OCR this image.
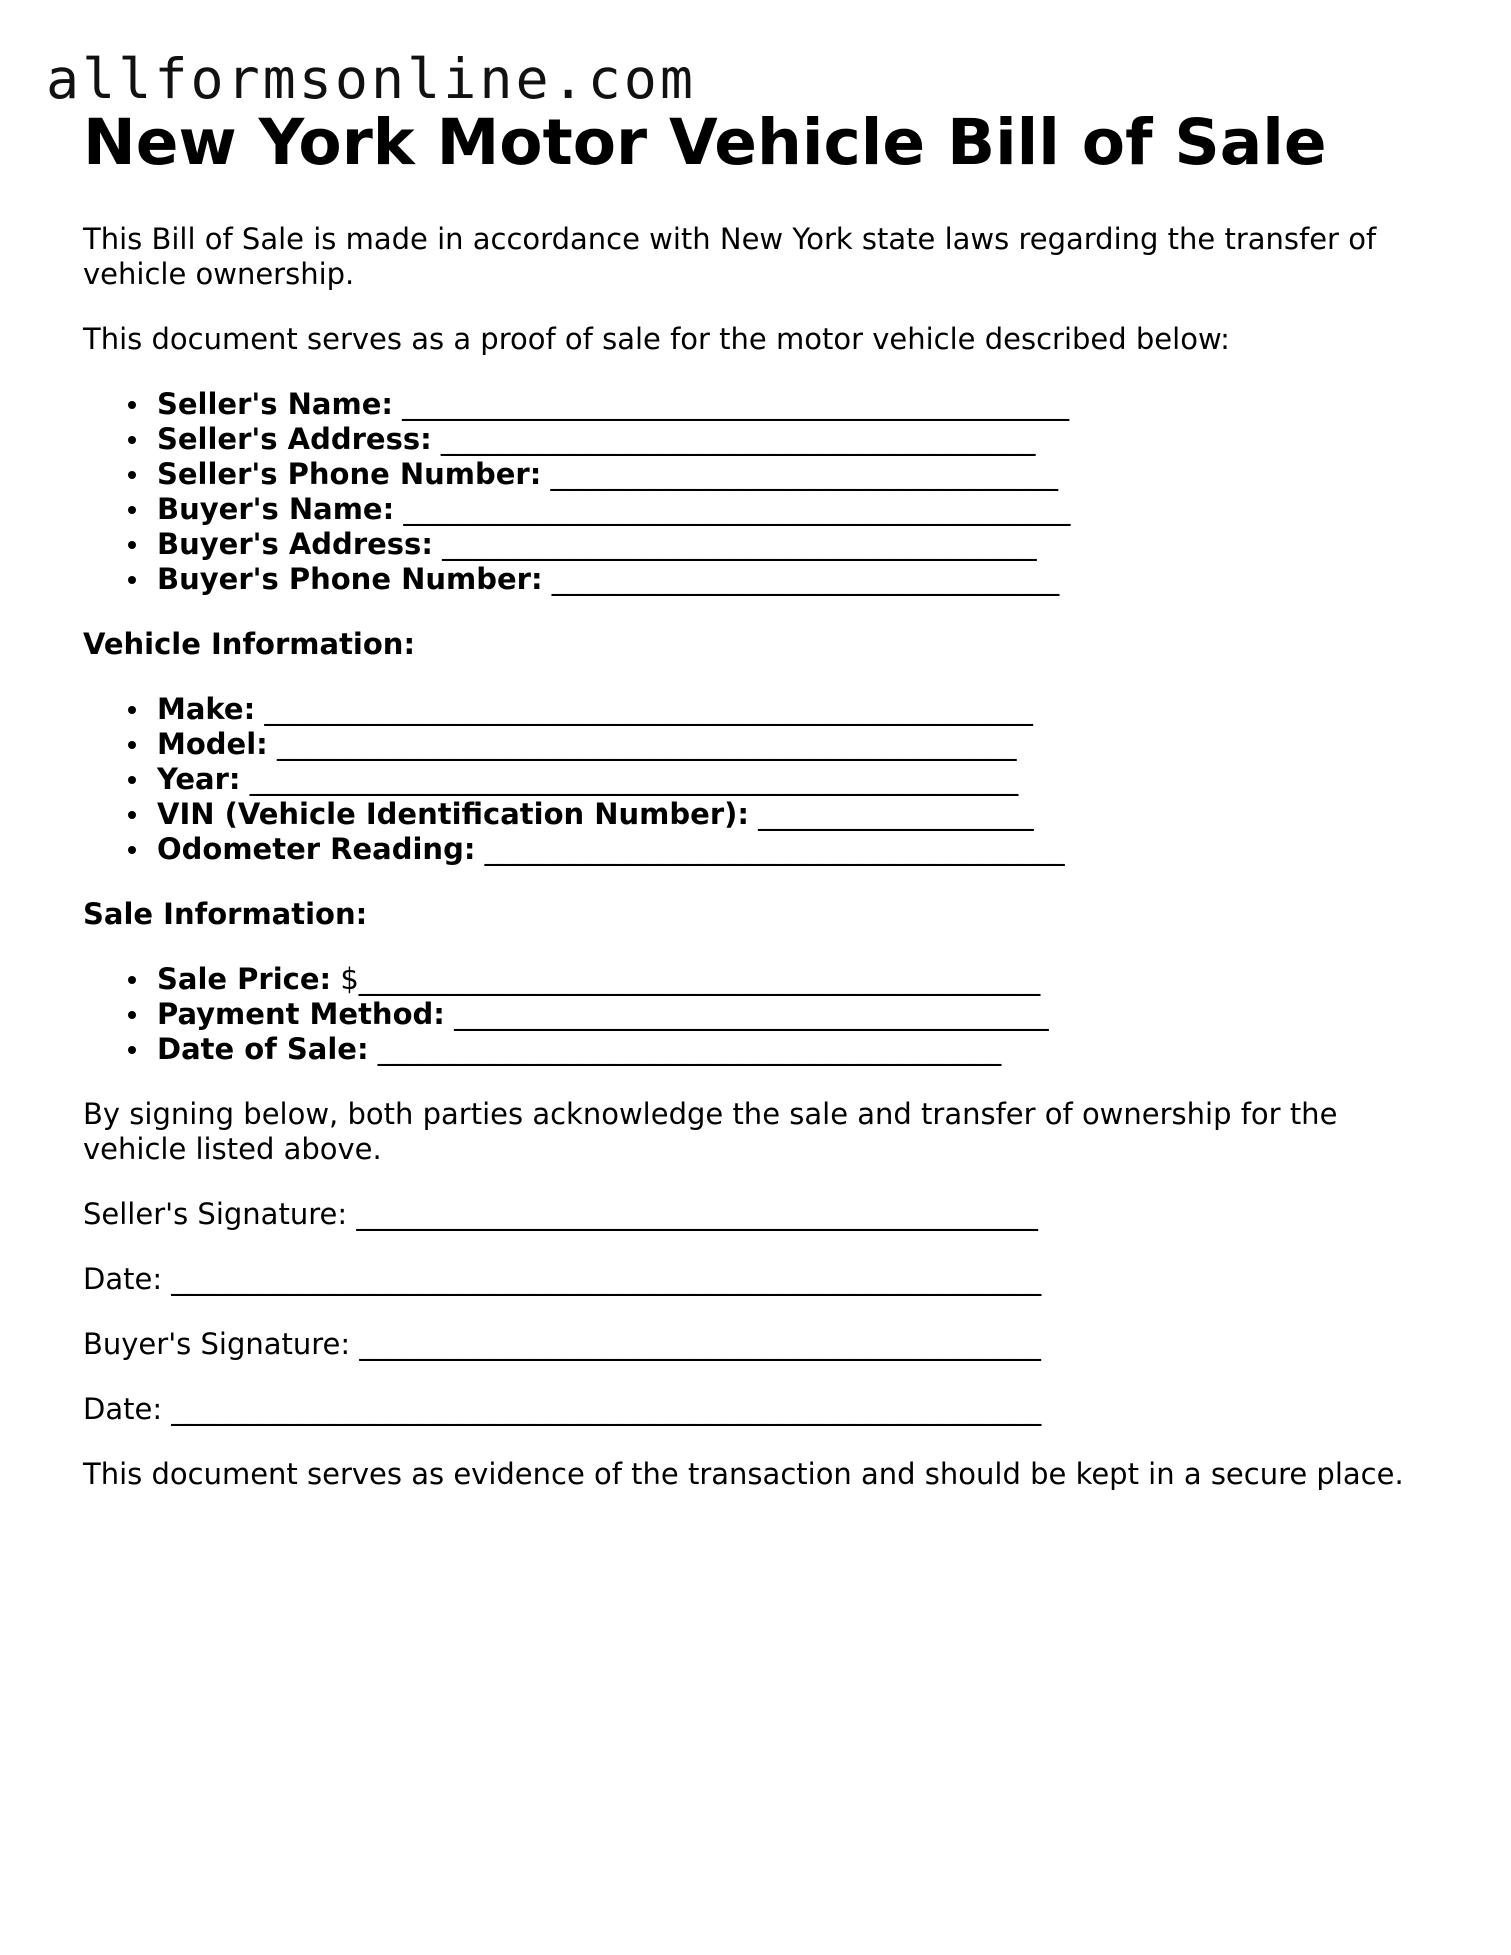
allformsonline.com
New York Motor Vehicle Bill of Sale

This Bill of Sale is made in accordance with New York state laws regarding the transfer of
vehicle ownership.

This document serves as a proof of sale for the motor vehicle described below:

Seller's Name: ______________________________________________
Seller's Address: _________________________________________
Seller's Phone Number: ___________________________________
Buyer's Name: ______________________________________________
Buyer's Address: _________________________________________
Buyer's Phone Number: ___________________________________

Vehicle Information:

Make: _____________________________________________________
Model: ___________________________________________________
Year: _____________________________________________________
VIN (Vehicle Identification Number): ___________________
Odometer Reading: ________________________________________

Sale Information:

Sale Price: $_______________________________________________
Payment Method: _________________________________________
Date of Sale: ___________________________________________

By signing below, both parties acknowledge the sale and transfer of ownership for the
vehicle listed above.

Seller's Signature: _______________________________________________

Date: ____________________________________________________________

Buyer's Signature: _______________________________________________

Date: ____________________________________________________________

This document serves as evidence of the transaction and should be kept in a secure place.
